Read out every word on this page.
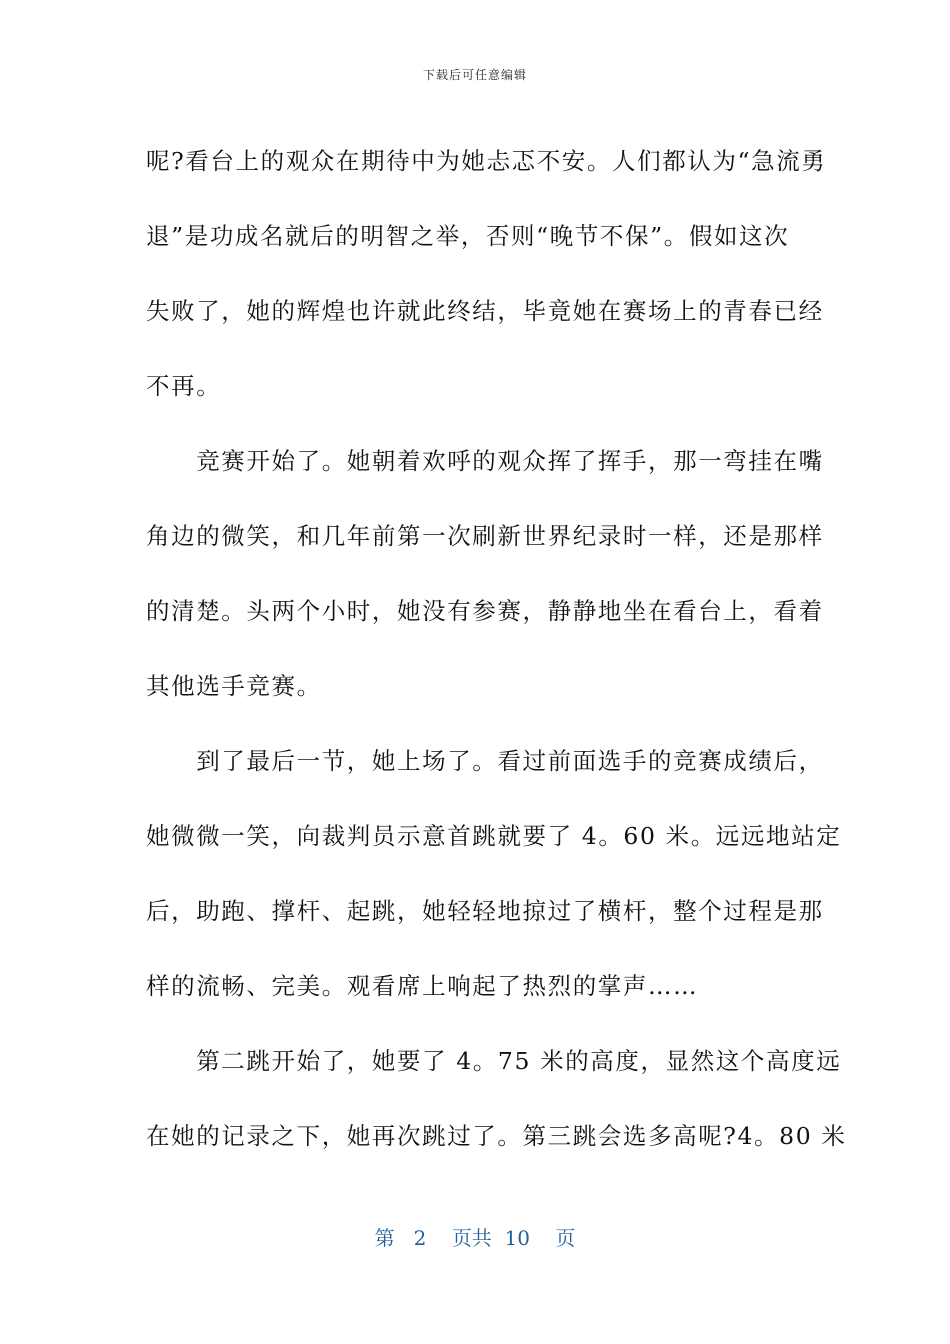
下载后可任意编辑
呢?看台上的观众在期待中为她忐忑不安。人们都认为“急流勇
退”是功成名就后的明智之举，否则“晚节不保”。假如这次
失败了，她的辉煌也许就此终结，毕竟她在赛场上的青春已经
不再。
　　竞赛开始了。她朝着欢呼的观众挥了挥手，那一弯挂在嘴
角边的微笑，和几年前第一次刷新世界纪录时一样，还是那样
的清楚。头两个小时，她没有参赛，静静地坐在看台上，看着
其他选手竞赛。
　　到了最后一节，她上场了。看过前面选手的竞赛成绩后，
她微微一笑，向裁判员示意首跳就要了 4。60 米。远远地站定
后，助跑、撑杆、起跳，她轻轻地掠过了横杆，整个过程是那
样的流畅、完美。观看席上响起了热烈的掌声……
　　第二跳开始了，她要了 4。75 米的高度，显然这个高度远
在她的记录之下，她再次跳过了。第三跳会选多高呢?4。80 米
第 2 页共 10 页
